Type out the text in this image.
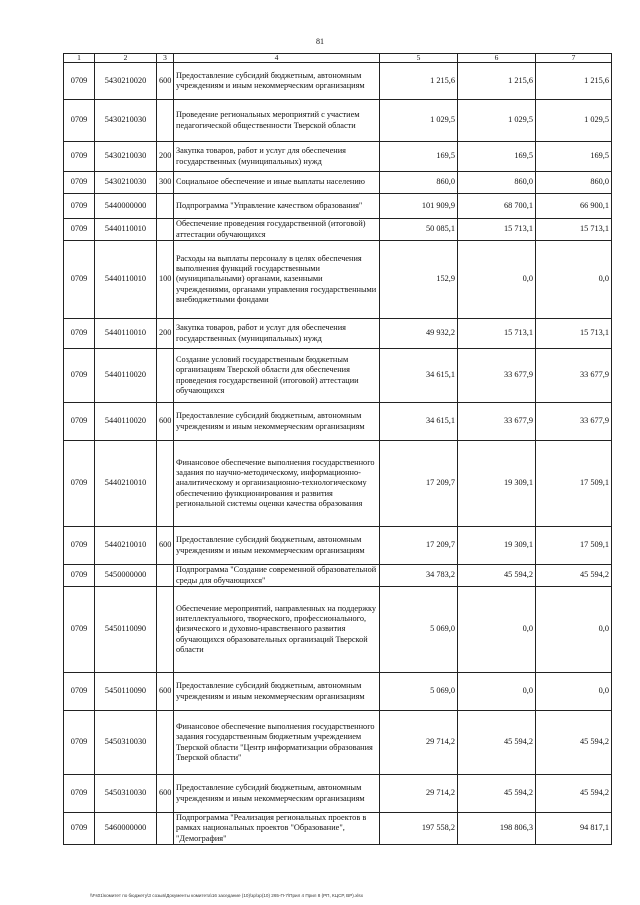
81
1	2	3	4	5	6	7
0709	5430210020	600	Предоставление субсидий бюджетным, автономным учреждениям и иным некоммерческим организациям	1 215,6	1 215,6	1 215,6
0709	5430210030		Проведение региональных мероприятий с участием педагогической общественности Тверской области	1 029,5	1 029,5	1 029,5
0709	5430210030	200	Закупка товаров, работ и услуг для обеспечения государственных (муниципальных) нужд	169,5	169,5	169,5
0709	5430210030	300	Социальное обеспечение и иные выплаты населению	860,0	860,0	860,0
0709	5440000000		Подпрограмма "Управление качеством образования"	101 909,9	68 700,1	66 900,1
0709	5440110010		Обеспечение проведения государственной (итоговой) аттестации обучающихся	50 085,1	15 713,1	15 713,1
0709	5440110010	100	Расходы на выплаты персоналу в целях обеспечения выполнения функций государственными (муниципальными) органами, казенными учреждениями, органами управления государственными внебюджетными фондами	152,9	0,0	0,0
0709	5440110010	200	Закупка товаров, работ и услуг для обеспечения государственных (муниципальных) нужд	49 932,2	15 713,1	15 713,1
0709	5440110020		Создание условий государственным бюджетным организациям Тверской области для обеспечения проведения государственной (итоговой) аттестации обучающихся	34 615,1	33 677,9	33 677,9
0709	5440110020	600	Предоставление субсидий бюджетным, автономным учреждениям и иным некоммерческим организациям	34 615,1	33 677,9	33 677,9
0709	5440210010		Финансовое обеспечение выполнения государственного задания по научно-методическому, информационно-аналитическому и организационно-технологическому обеспечению функционирования и развития региональной системы оценки качества образования	17 209,7	19 309,1	17 509,1
0709	5440210010	600	Предоставление субсидий бюджетным, автономным учреждениям и иным некоммерческим организациям	17 209,7	19 309,1	17 509,1
0709	5450000000		Подпрограмма "Создание современной образовательной среды для обучающихся"	34 783,2	45 594,2	45 594,2
0709	5450110090		Обеспечение мероприятий, направленных на поддержку интеллектуального, творческого, профессионального, физического и духовно-нравственного развития обучающихся образовательных организаций Тверской области	5 069,0	0,0	0,0
0709	5450110090	600	Предоставление субсидий бюджетным, автономным учреждениям и иным некоммерческим организациям	5 069,0	0,0	0,0
0709	5450310030		Финансовое обеспечение выполнения государственного задания государственным бюджетным учреждением Тверской области "Центр информатизации образования Тверской области"	29 714,2	45 594,2	45 594,2
0709	5450310030	600	Предоставление субсидий бюджетным, автономным учреждениям и иным некоммерческим организациям	29 714,2	45 594,2	45 594,2
0709	5460000000		Подпрограмма "Реализация региональных проектов в рамках национальных проектов "Образование", "Демография"	197 558,2	198 806,3	94 817,1
\\Fs01\комитет по бюджету\3 созыв\Документы комитета\16 заседание (10)\зр\зр(10) 265-П-7\Прил 4 Прил 8 (РП, КЦСР, ВР).xlsx
